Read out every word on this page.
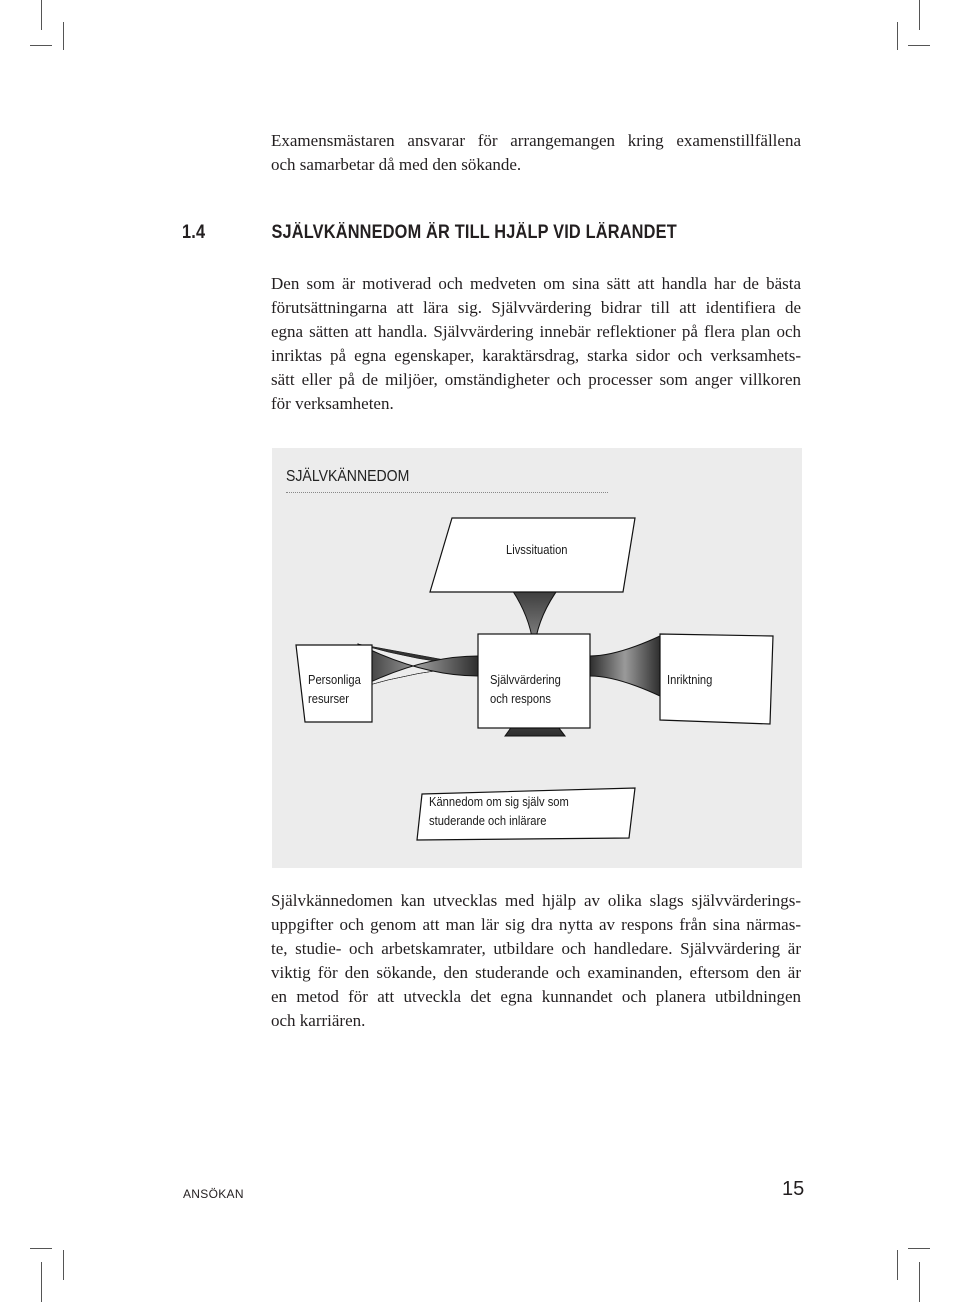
Examensmästaren ansvarar för arrangemangen kring examenstillfällena
och samarbetar då med den sökande.

1.4	SJÄLVKÄNNEDOM ÄR TILL HJÄLP VID LÄRANDET

Den som är motiverad och medveten om sina sätt att handla har de bästa
förutsättningarna att lära sig. Självvärdering bidrar till att identifiera de
egna sätten att handla. Självvärdering innebär reflektioner på flera plan och
inriktas på egna egenskaper, karaktärsdrag, starka sidor och verksamhets-
sätt eller på de miljöer, omständigheter och processer som anger villkoren
för verksamheten.

SJÄLVKÄNNEDOM

Livssituation

Personliga
resurser

Självvärdering
och respons

Inriktning

Kännedom om sig själv som
studerande och inlärare

Självkännedomen kan utvecklas med hjälp av olika slags självvärderings-
uppgifter och genom att man lär sig dra nytta av respons från sina närmas-
te, studie- och arbetskamrater, utbildare och handledare. Självvärdering är
viktig för den sökande, den studerande och examinanden, eftersom den är
en metod för att utveckla det egna kunnandet och planera utbildningen
och karriären.

ANSÖKAN	15
